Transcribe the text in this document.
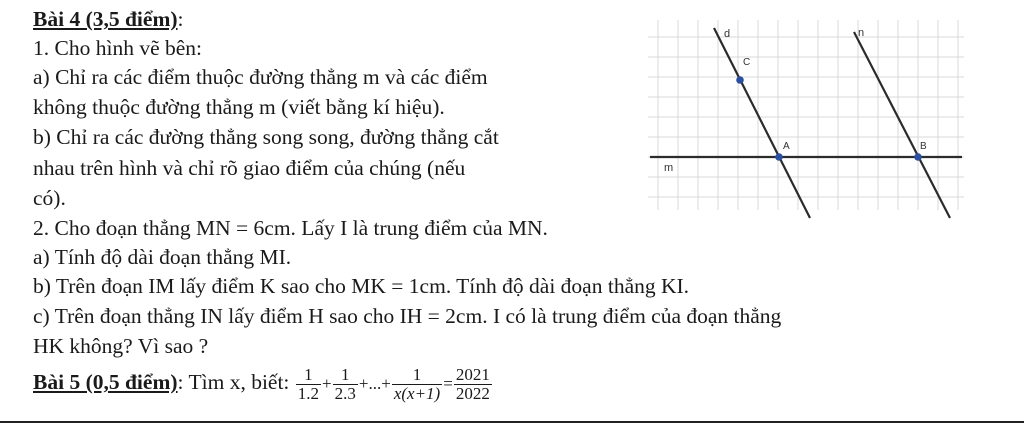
Bài 4 (3,5 điểm):
1. Cho hình vẽ bên:
a) Chỉ ra các điểm thuộc đường thẳng m và các điểm
không thuộc đường thẳng m (viết bằng kí hiệu).
b) Chỉ ra các đường thẳng song song, đường thẳng cắt
nhau trên hình và chỉ rõ giao điểm của chúng (nếu
có).
2. Cho đoạn thẳng MN = 6cm. Lấy I là trung điểm của MN.
a) Tính độ dài đoạn thẳng MI.
b) Trên đoạn IM lấy điểm K sao cho MK = 1cm. Tính độ dài đoạn thẳng KI.
c) Trên đoạn thẳng IN lấy điểm H sao cho IH = 2cm. I có là trung điểm của đoạn thẳng
HK không? Vì sao ?
Bài 5 (0,5 điểm): Tìm x, biết: $\frac{1}{1.2} + \frac{1}{2.3}$ +...+ $\frac{1}{x(x+1)} = \frac{2021}{2022}$
d	n
m
C
A	B
